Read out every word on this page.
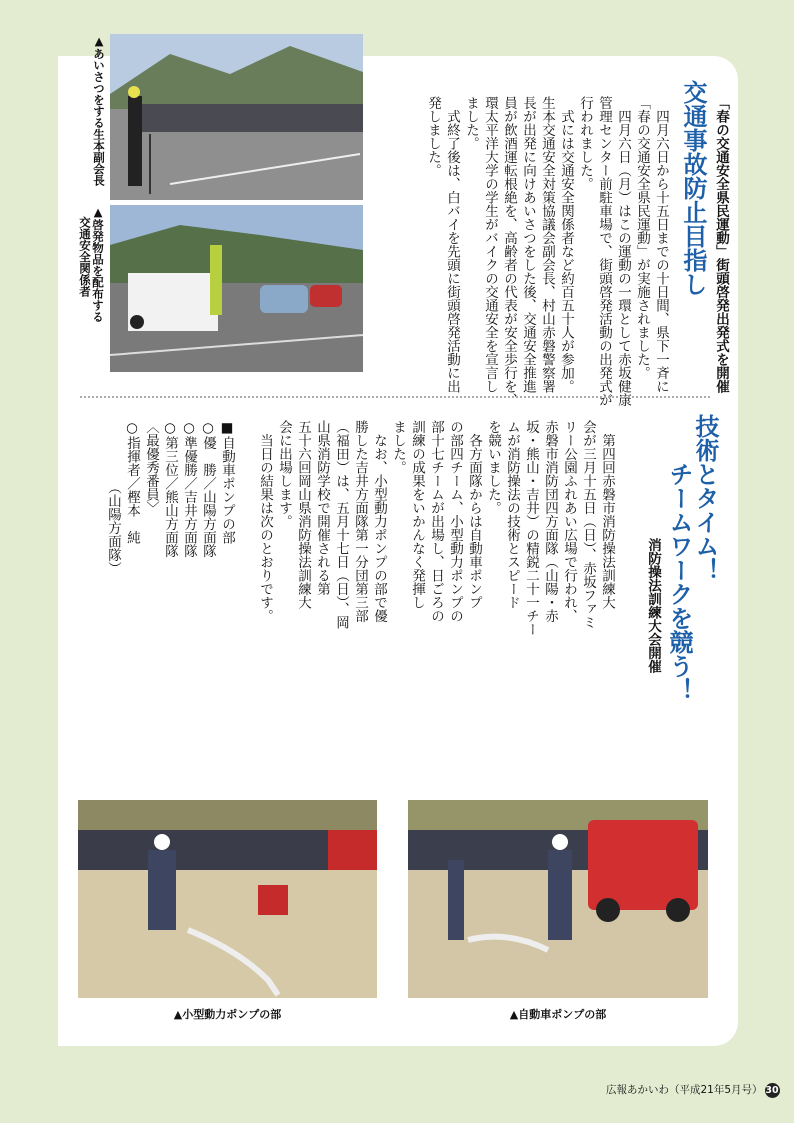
交通事故防止目指し 「春の交通安全県民運動」街頭啓発出発式を開催
　四月六日から十五日までの十日間、県下一斉に
「春の交通安全県民運動」が実施されました。
　四月六日（月）はこの運動の一環として赤坂健康
管理センター前駐車場で、街頭啓発活動の出発式が
行われました。
　式には交通安全関係者など約百五十人が参加。
生本交通安全対策協議会副会長、村山赤磐警察署
長が出発に向けあいさつをした後、交通安全推進
員が飲酒運転根絶を、高齢者の代表が安全歩行を、
環太平洋大学の学生がバイクの交通安全を宣言し
ました。
　式終了後は、白バイを先頭に街頭啓発活動に出
発しました。
▲あいさつをする生本副会長
▲啓発物品を配布する
　交通安全関係者
技術とタイム！
　　チームワークを競う！
消防操法訓練大会開催
　第四回赤磐市消防操法訓練大
会が三月十五日（日）、赤坂ファミ
リー公園ふれあい広場で行われ、
赤磐市消防団四方面隊（山陽・赤
坂・熊山・吉井）の精鋭二十一チー
ムが消防操法の技術とスピード
を競いました。
　各方面隊からは自動車ポンプ
の部四チーム、小型動力ポンプの
部十七チームが出場し、日ごろの
訓練の成果をいかんなく発揮し
ました。
　なお、小型動力ポンプの部で優
勝した吉井方面隊第一分団第三部
（福田）は、五月十七日（日）、岡
山県消防学校で開催される第
五十六回岡山県消防操法訓練大
会に出場します。
　当日の結果は次のとおりです。

■自動車ポンプの部
○優　勝／山陽方面隊
○準優勝／吉井方面隊
○第三位／熊山方面隊
〈最優秀番員〉
○指揮者／樫本　純
　　　　　（山陽方面隊）
▲小型動力ポンプの部	▲自動車ポンプの部
広報あかいわ（平成21年5月号） 30
